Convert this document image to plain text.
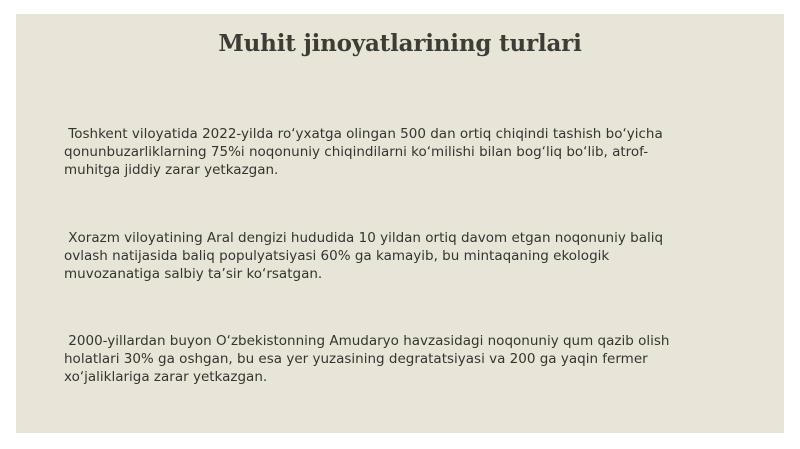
Muhit jinoyatlarining turlari
Toshkent viloyatida 2022-yilda ro‘yxatga olingan 500 dan ortiq chiqindi tashish bo‘yicha qonunbuzarliklarning 75%i noqonuniy chiqindilarni ko‘milishi bilan bog‘liq bo‘lib, atrof-muhitga jiddiy zarar yetkazgan.
Xorazm viloyatining Aral dengizi hududida 10 yildan ortiq davom etgan noqonuniy baliq ovlash natijasida baliq populyatsiyasi 60% ga kamayib, bu mintaqaning ekologik muvozanatiga salbiy ta’sir ko‘rsatgan.
2000-yillardan buyon O‘zbekistonning Amudaryo havzasidagi noqonuniy qum qazib olish holatlari 30% ga oshgan, bu esa yer yuzasining degratatsiyasi va 200 ga yaqin fermer xo‘jaliklariga zarar yetkazgan.
